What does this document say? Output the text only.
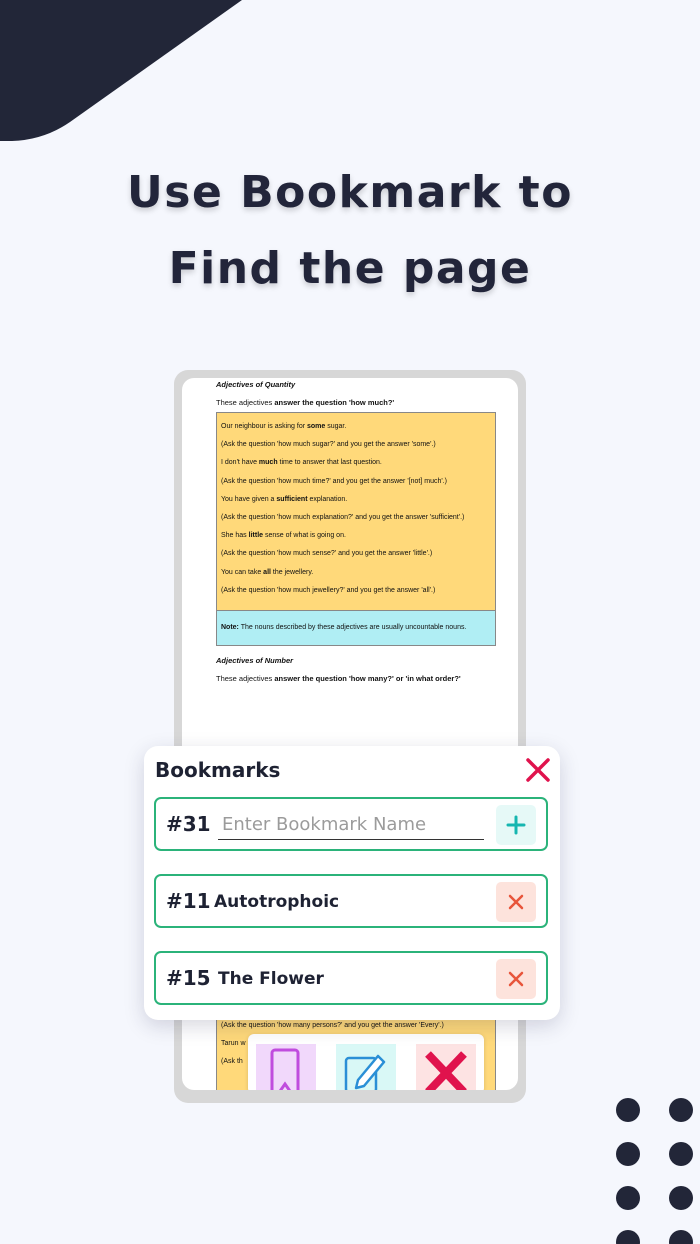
Use Bookmark to
Find the page
Adjectives of Quantity
These adjectives answer the question 'how much?'
Our neighbour is asking for some sugar.
(Ask the question 'how much sugar?' and you get the answer 'some'.)
I don't have much time to answer that last question.
(Ask the question 'how much time?' and you get the answer '[not] much'.)
You have given a sufficient explanation.
(Ask the question 'how much explanation?' and you get the answer 'sufficient'.)
She has little sense of what is going on.
(Ask the question 'how much sense?' and you get the answer 'little'.)
You can take all the jewellery.
(Ask the question 'how much jewellery?' and you get the answer 'all'.)
Note: The nouns described by these adjectives are usually uncountable nouns.
Adjectives of Number
These adjectives answer the question 'how many?' or 'in what order?'
(Ask the question 'how many persons?' and you get the answer 'Every'.)
Tarun w
(Ask th
Bookmarks
#31
Enter Bookmark Name
#11 Autotrophoic
#15 The Flower
